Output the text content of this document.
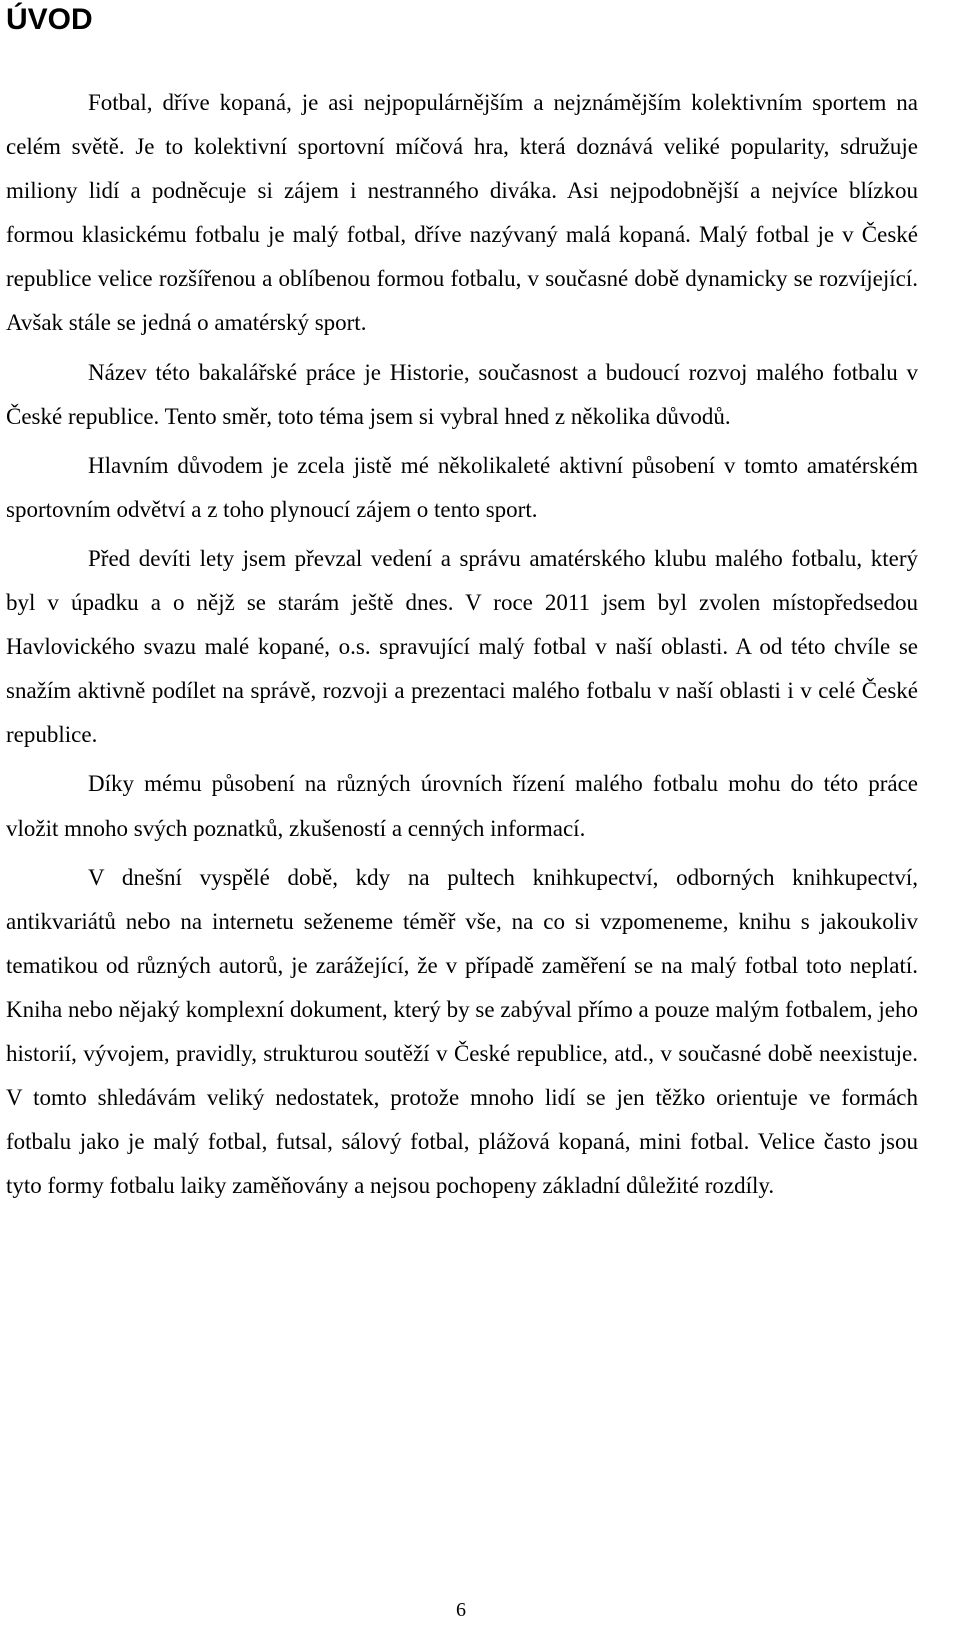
ÚVOD

Fotbal, dříve kopaná, je asi nejpopulárnějším a nejznámějším kolektivním sportem na celém světě. Je to kolektivní sportovní míčová hra, která doznává veliké popularity, sdružuje miliony lidí a podněcuje si zájem i nestranného diváka. Asi nejpodobnější a nejvíce blízkou formou klasickému fotbalu je malý fotbal, dříve nazývaný malá kopaná. Malý fotbal je v České republice velice rozšířenou a oblíbenou formou fotbalu, v současné době dynamicky se rozvíjející. Avšak stále se jedná o amatérský sport.

Název této bakalářské práce je Historie, současnost a budoucí rozvoj malého fotbalu v České republice. Tento směr, toto téma jsem si vybral hned z několika důvodů.

Hlavním důvodem je zcela jistě mé několikaleté aktivní působení v tomto amatérském sportovním odvětví a z toho plynoucí zájem o tento sport.

Před devíti lety jsem převzal vedení a správu amatérského klubu malého fotbalu, který byl v úpadku a o nějž se starám ještě dnes. V roce 2011 jsem byl zvolen místopředsedou Havlovického svazu malé kopané, o.s. spravující malý fotbal v naší oblasti. A od této chvíle se snažím aktivně podílet na správě, rozvoji a prezentaci malého fotbalu v naší oblasti i v celé České republice.

Díky mému působení na různých úrovních řízení malého fotbalu mohu do této práce vložit mnoho svých poznatků, zkušeností a cenných informací.

V dnešní vyspělé době, kdy na pultech knihkupectví, odborných knihkupectví, antikvariátů nebo na internetu seženeme téměř vše, na co si vzpomeneme, knihu s jakoukoliv tematikou od různých autorů, je zarážející, že v případě zaměření se na malý fotbal toto neplatí. Kniha nebo nějaký komplexní dokument, který by se zabýval přímo a pouze malým fotbalem, jeho historií, vývojem, pravidly, strukturou soutěží v České republice, atd., v současné době neexistuje. V tomto shledávám veliký nedostatek, protože mnoho lidí se jen těžko orientuje ve formách fotbalu jako je malý fotbal, futsal, sálový fotbal, plážová kopaná, mini fotbal. Velice často jsou tyto formy fotbalu laiky zaměňovány a nejsou pochopeny základní důležité rozdíly.

6
